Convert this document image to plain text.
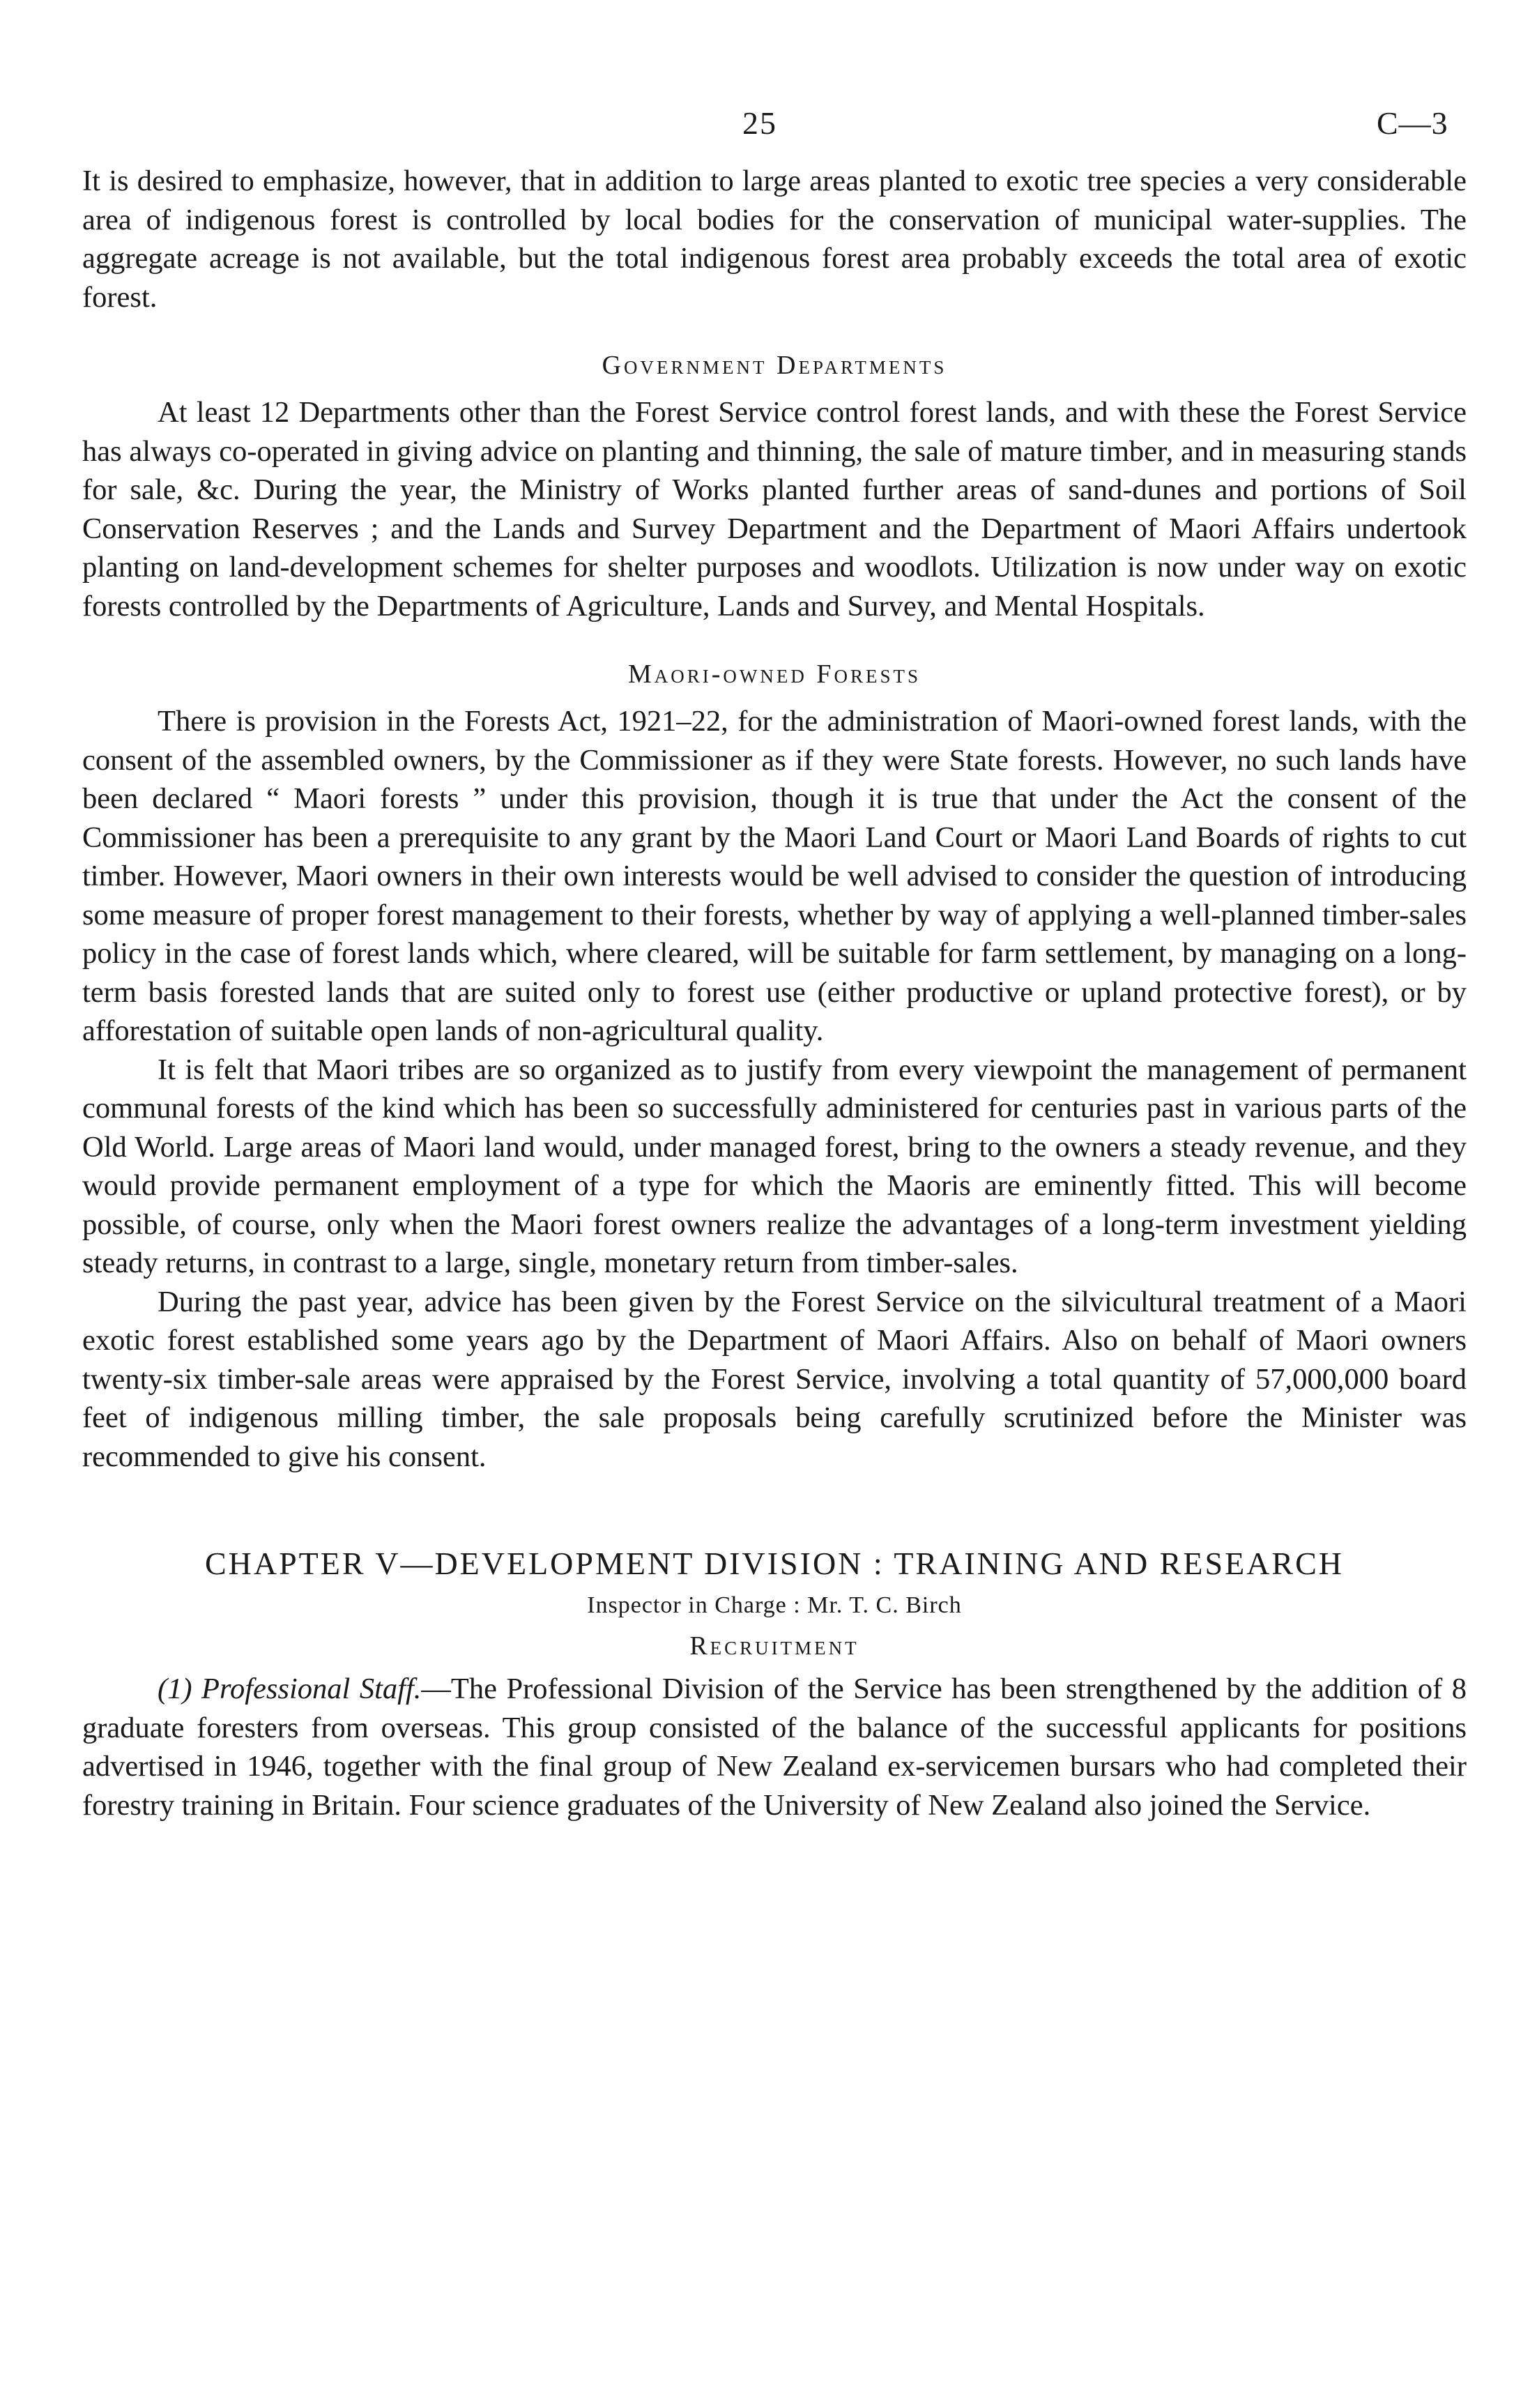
25	C—3

It is desired to emphasize, however, that in addition to large areas planted to exotic tree species a very considerable area of indigenous forest is controlled by local bodies for the conservation of municipal water-supplies. The aggregate acreage is not available, but the total indigenous forest area probably exceeds the total area of exotic forest.

Government Departments

At least 12 Departments other than the Forest Service control forest lands, and with these the Forest Service has always co-operated in giving advice on planting and thinning, the sale of mature timber, and in measuring stands for sale, &c. During the year, the Ministry of Works planted further areas of sand-dunes and portions of Soil Conservation Reserves ; and the Lands and Survey Department and the Department of Maori Affairs undertook planting on land-development schemes for shelter purposes and woodlots. Utilization is now under way on exotic forests controlled by the Departments of Agriculture, Lands and Survey, and Mental Hospitals.

Maori-owned Forests

There is provision in the Forests Act, 1921–22, for the administration of Maori-owned forest lands, with the consent of the assembled owners, by the Commissioner as if they were State forests. However, no such lands have been declared “ Maori forests ” under this provision, though it is true that under the Act the consent of the Commissioner has been a prerequisite to any grant by the Maori Land Court or Maori Land Boards of rights to cut timber. However, Maori owners in their own interests would be well advised to consider the question of introducing some measure of proper forest management to their forests, whether by way of applying a well-planned timber-sales policy in the case of forest lands which, where cleared, will be suitable for farm settlement, by managing on a long-term basis forested lands that are suited only to forest use (either productive or upland protective forest), or by afforestation of suitable open lands of non-agricultural quality.

It is felt that Maori tribes are so organized as to justify from every viewpoint the management of permanent communal forests of the kind which has been so successfully administered for centuries past in various parts of the Old World. Large areas of Maori land would, under managed forest, bring to the owners a steady revenue, and they would provide permanent employment of a type for which the Maoris are eminently fitted. This will become possible, of course, only when the Maori forest owners realize the advantages of a long-term investment yielding steady returns, in contrast to a large, single, monetary return from timber-sales.

During the past year, advice has been given by the Forest Service on the silvicultural treatment of a Maori exotic forest established some years ago by the Department of Maori Affairs. Also on behalf of Maori owners twenty-six timber-sale areas were appraised by the Forest Service, involving a total quantity of 57,000,000 board feet of indigenous milling timber, the sale proposals being carefully scrutinized before the Minister was recommended to give his consent.

CHAPTER V—DEVELOPMENT DIVISION : TRAINING AND RESEARCH
Inspector in Charge : Mr. T. C. Birch
Recruitment

(1) Professional Staff.—The Professional Division of the Service has been strengthened by the addition of 8 graduate foresters from overseas. This group consisted of the balance of the successful applicants for positions advertised in 1946, together with the final group of New Zealand ex-servicemen bursars who had completed their forestry training in Britain. Four science graduates of the University of New Zealand also joined the Service.
